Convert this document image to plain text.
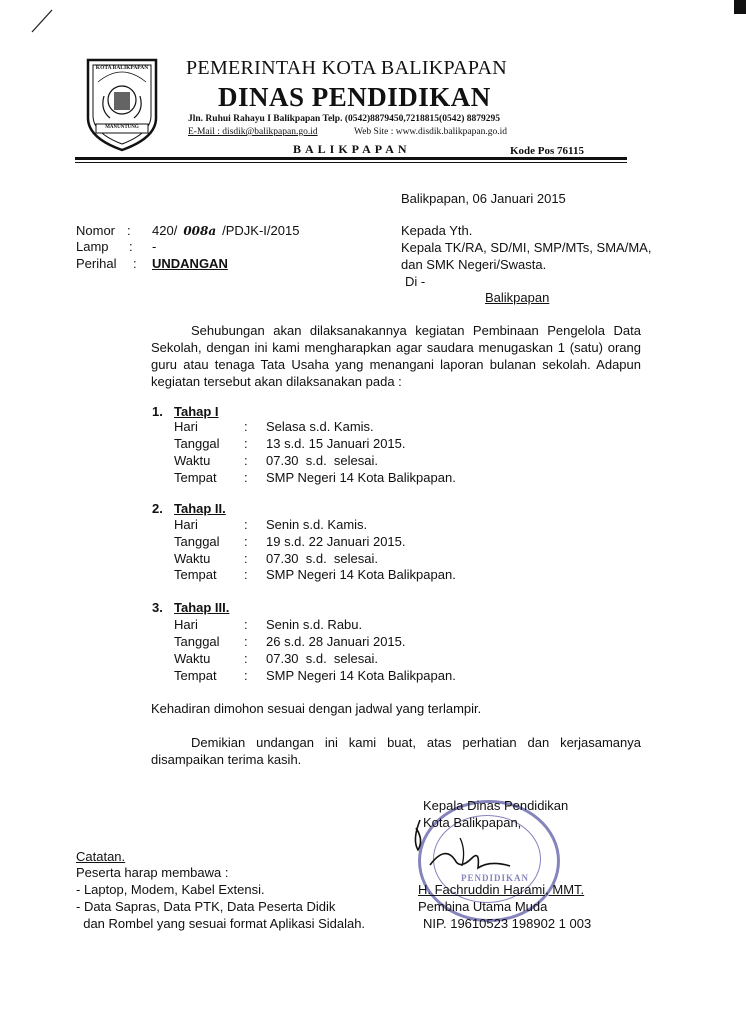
KOTA BALIKPAPAN
MANUNTUNG
PEMERINTAH KOTA BALIKPAPAN
DINAS PENDIDIKAN
Jln. Ruhui Rahayu I Balikpapan Telp. (0542)8879450,7218815(0542) 8879295
E-Mail : disdik@balikpapan.go.id	Web Site : www.disdik.balikpapan.go.id
BALIKPAPAN	Kode Pos 76115
Balikpapan, 06 Januari 2015
Nomor : 420/ 008a /PDJK-I/2015
Lamp : -
Perihal : UNDANGAN
Kepada Yth.
Kepala TK/RA, SD/MI, SMP/MTs, SMA/MA,
dan SMK Negeri/Swasta.
Di -
Balikpapan
Sehubungan akan dilaksanakannya kegiatan Pembinaan Pengelola Data Sekolah, dengan ini kami mengharapkan agar saudara menugaskan 1 (satu) orang guru atau tenaga Tata Usaha yang menangani laporan bulanan sekolah. Adapun kegiatan tersebut akan dilaksanakan pada :
1. Tahap I
Hari	: Selasa s.d. Kamis.
Tanggal : 13 s.d. 15 Januari 2015.
Waktu	: 07.30  s.d.  selesai.
Tempat : SMP Negeri 14 Kota Balikpapan.
2. Tahap II.
Hari	: Senin s.d. Kamis.
Tanggal : 19 s.d. 22 Januari 2015.
Waktu	: 07.30  s.d.  selesai.
Tempat : SMP Negeri 14 Kota Balikpapan.
3. Tahap III.
Hari	: Senin s.d. Rabu.
Tanggal : 26 s.d. 28 Januari 2015.
Waktu	: 07.30  s.d.  selesai.
Tempat : SMP Negeri 14 Kota Balikpapan.
Kehadiran dimohon sesuai dengan jadwal yang terlampir.
Demikian undangan ini kami buat, atas perhatian dan kerjasamanya disampaikan terima kasih.
Catatan.
Peserta harap membawa :
- Laptop, Modem, Kabel Extensi.
- Data Sapras, Data PTK, Data Peserta Didik
dan Rombel yang sesuai format Aplikasi Sidalah.
PENDIDIKAN
Kepala Dinas Pendidikan
Kota Balikpapan,
H. Fachruddin Harami, MMT.
Pembina Utama Muda
NIP. 19610523 198902 1 003
